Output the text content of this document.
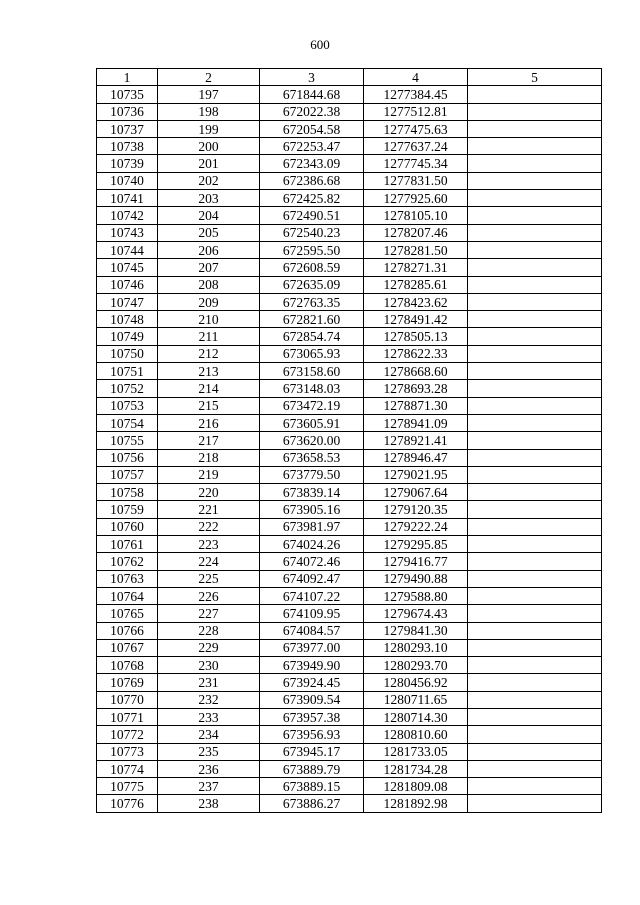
600
1	2	3	4	5
10735	197	671844.68	1277384.45	
10736	198	672022.38	1277512.81	
10737	199	672054.58	1277475.63	
10738	200	672253.47	1277637.24	
10739	201	672343.09	1277745.34	
10740	202	672386.68	1277831.50	
10741	203	672425.82	1277925.60	
10742	204	672490.51	1278105.10	
10743	205	672540.23	1278207.46	
10744	206	672595.50	1278281.50	
10745	207	672608.59	1278271.31	
10746	208	672635.09	1278285.61	
10747	209	672763.35	1278423.62	
10748	210	672821.60	1278491.42	
10749	211	672854.74	1278505.13	
10750	212	673065.93	1278622.33	
10751	213	673158.60	1278668.60	
10752	214	673148.03	1278693.28	
10753	215	673472.19	1278871.30	
10754	216	673605.91	1278941.09	
10755	217	673620.00	1278921.41	
10756	218	673658.53	1278946.47	
10757	219	673779.50	1279021.95	
10758	220	673839.14	1279067.64	
10759	221	673905.16	1279120.35	
10760	222	673981.97	1279222.24	
10761	223	674024.26	1279295.85	
10762	224	674072.46	1279416.77	
10763	225	674092.47	1279490.88	
10764	226	674107.22	1279588.80	
10765	227	674109.95	1279674.43	
10766	228	674084.57	1279841.30	
10767	229	673977.00	1280293.10	
10768	230	673949.90	1280293.70	
10769	231	673924.45	1280456.92	
10770	232	673909.54	1280711.65	
10771	233	673957.38	1280714.30	
10772	234	673956.93	1280810.60	
10773	235	673945.17	1281733.05	
10774	236	673889.79	1281734.28	
10775	237	673889.15	1281809.08	
10776	238	673886.27	1281892.98	
